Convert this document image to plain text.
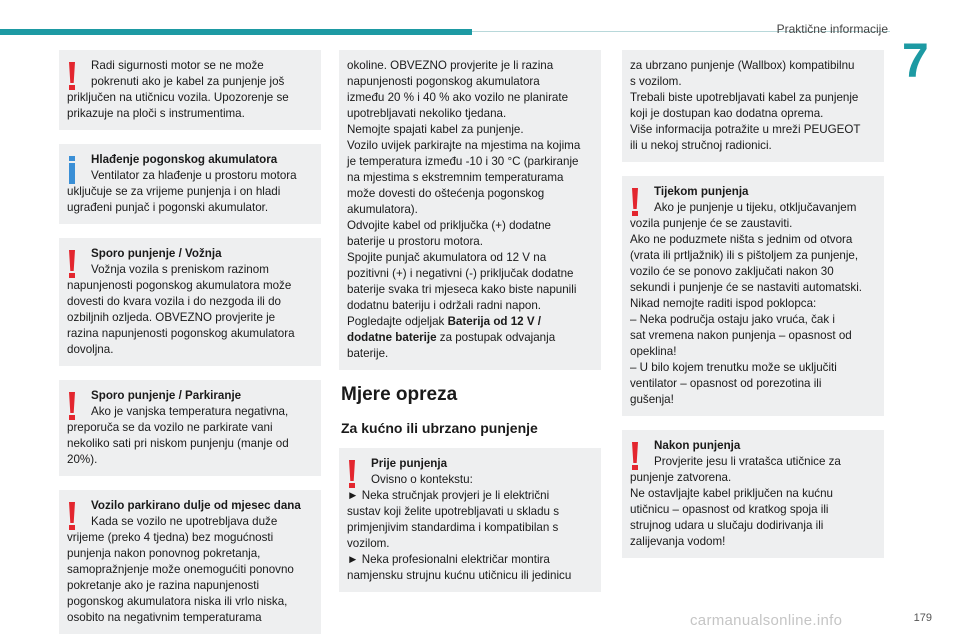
Praktične informacije
7
Radi sigurnosti motor se ne može
pokrenuti ako je kabel za punjenje još
priključen na utičnicu vozila. Upozorenje se
prikazuje na ploči s instrumentima.
Hlađenje pogonskog akumulatora
Ventilator za hlađenje u prostoru motora
uključuje se za vrijeme punjenja i on hladi
ugrađeni punjač i pogonski akumulator.
Sporo punjenje / Vožnja
Vožnja vozila s preniskom razinom
napunjenosti pogonskog akumulatora može
dovesti do kvara vozila i do nezgoda ili do
ozbiljnih ozljeda. OBVEZNO provjerite je
razina napunjenosti pogonskog akumulatora
dovoljna.
Sporo punjenje / Parkiranje
Ako je vanjska temperatura negativna,
preporuča se da vozilo ne parkirate vani
nekoliko sati pri niskom punjenju (manje od
20%).
Vozilo parkirano dulje od mjesec dana
Kada se vozilo ne upotrebljava duže
vrijeme (preko 4 tjedna) bez mogućnosti
punjenja nakon ponovnog pokretanja,
samopražnjenje može onemogućiti ponovno
pokretanje ako je razina napunjenosti
pogonskog akumulatora niska ili vrlo niska,
osobito na negativnim temperaturama
okoline. OBVEZNO provjerite je li razina
napunjenosti pogonskog akumulatora
između 20 % i 40 % ako vozilo ne planirate
upotrebljavati nekoliko tjedana.
Nemojte spajati kabel za punjenje.
Vozilo uvijek parkirajte na mjestima na kojima
je temperatura između -10 i 30 °C (parkiranje
na mjestima s ekstremnim temperaturama
može dovesti do oštećenja pogonskog
akumulatora).
Odvojite kabel od priključka (+) dodatne
baterije u prostoru motora.
Spojite punjač akumulatora od 12 V na
pozitivni (+) i negativni (-) priključak dodatne
baterije svaka tri mjeseca kako biste napunili
dodatnu bateriju i održali radni napon.
Pogledajte odjeljak Baterija od 12 V /
dodatne baterije za postupak odvajanja
baterije.
Mjere opreza
Za kućno ili ubrzano punjenje
Prije punjenja
Ovisno o kontekstu:
► Neka stručnjak provjeri je li električni
sustav koji želite upotrebljavati u skladu s
primjenjivim standardima i kompatibilan s
vozilom.
► Neka profesionalni električar montira
namjensku strujnu kućnu utičnicu ili jedinicu
za ubrzano punjenje (Wallbox) kompatibilnu
s vozilom.
Trebali biste upotrebljavati kabel za punjenje
koji je dostupan kao dodatna oprema.
Više informacija potražite u mreži PEUGEOT
ili u nekoj stručnoj radionici.
Tijekom punjenja
Ako je punjenje u tijeku, otključavanjem
vozila punjenje će se zaustaviti.
Ako ne poduzmete ništa s jednim od otvora
(vrata ili prtljažnik) ili s pištoljem za punjenje,
vozilo će se ponovo zaključati nakon 30
sekundi i punjenje će se nastaviti automatski.
Nikad nemojte raditi ispod poklopca:
– Neka područja ostaju jako vruća, čak i
sat vremena nakon punjenja – opasnost od
opeklina!
– U bilo kojem trenutku može se uključiti
ventilator – opasnost od porezotina ili
gušenja!
Nakon punjenja
Provjerite jesu li vratašca utičnice za
punjenje zatvorena.
Ne ostavljajte kabel priključen na kućnu
utičnicu – opasnost od kratkog spoja ili
strujnog udara u slučaju dodirivanja ili
zalijevanja vodom!
carmanualsonline.info	179
